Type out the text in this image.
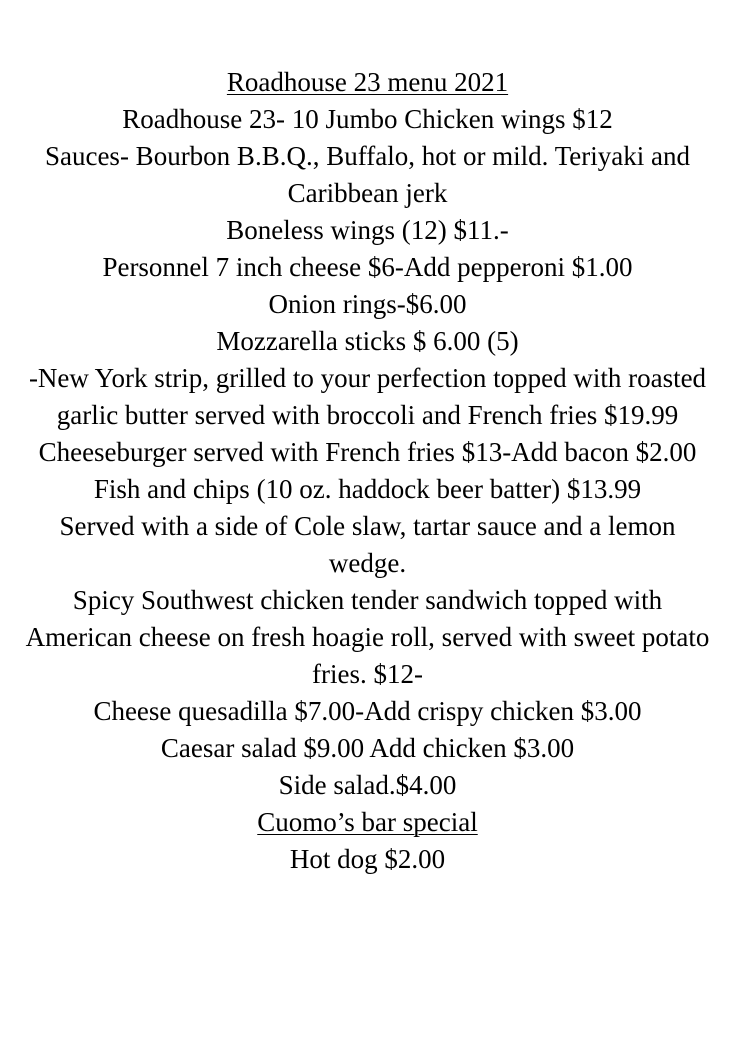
Roadhouse 23 menu 2021
Roadhouse 23- 10 Jumbo Chicken wings $12
Sauces- Bourbon B.B.Q., Buffalo, hot or mild. Teriyaki and Caribbean jerk
Boneless wings (12) $11.-
Personnel 7 inch cheese $6-Add pepperoni $1.00
Onion rings-$6.00
Mozzarella sticks $ 6.00 (5)
-New York strip, grilled to your perfection topped with roasted garlic butter served with broccoli and French fries $19.99
Cheeseburger served with French fries $13-Add bacon $2.00
Fish and chips (10 oz. haddock beer batter) $13.99
Served with a side of Cole slaw, tartar sauce and a lemon wedge.
Spicy Southwest chicken tender sandwich topped with American cheese on fresh hoagie roll, served with sweet potato fries. $12-
Cheese quesadilla $7.00-Add crispy chicken $3.00
Caesar salad $9.00 Add chicken $3.00
Side salad.$4.00
Cuomo’s bar special
Hot dog $2.00
